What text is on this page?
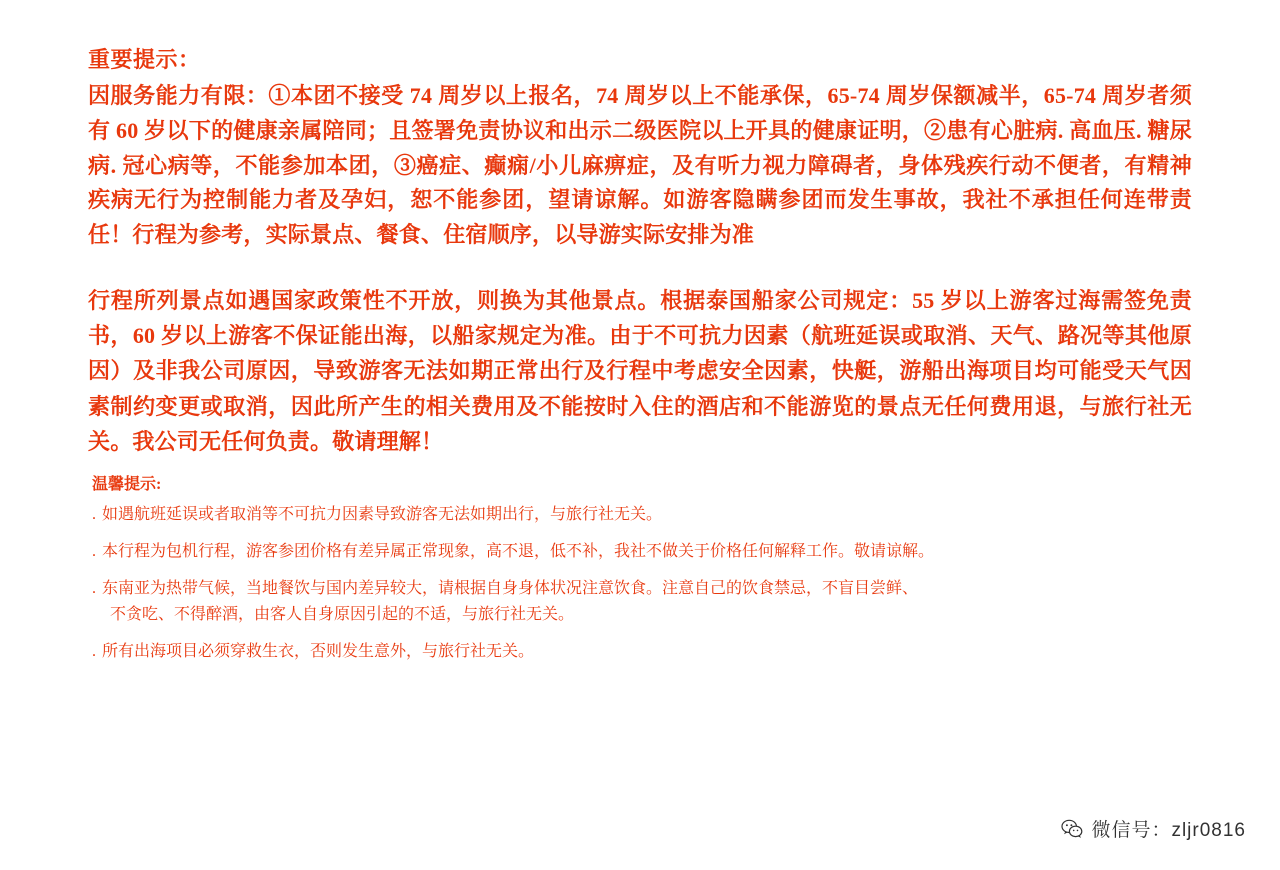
重要提示：

因服务能力有限：①本团不接受 74 周岁以上报名，74 周岁以上不能承保，65-74 周岁保额减半，65-74 周岁者须有 60 岁以下的健康亲属陪同；且签署免责协议和出示二级医院以上开具的健康证明，②患有心脏病. 高血压. 糖尿病. 冠心病等，不能参加本团，③癌症、癫痫/小儿麻痹症，及有听力视力障碍者，身体残疾行动不便者，有精神疾病无行为控制能力者及孕妇，恕不能参团，望请谅解。如游客隐瞒参团而发生事故，我社不承担任何连带责任！行程为参考，实际景点、餐食、住宿顺序，以导游实际安排为准

行程所列景点如遇国家政策性不开放，则换为其他景点。根据泰国船家公司规定：55 岁以上游客过海需签免责书，60 岁以上游客不保证能出海，以船家规定为准。由于不可抗力因素（航班延误或取消、天气、路况等其他原因）及非我公司原因，导致游客无法如期正常出行及行程中考虑安全因素，快艇，游船出海项目均可能受天气因素制约变更或取消，因此所产生的相关费用及不能按时入住的酒店和不能游览的景点无任何费用退，与旅行社无关。我公司无任何负责。敬请理解！

温馨提示:
. 如遇航班延误或者取消等不可抗力因素导致游客无法如期出行，与旅行社无关。
. 本行程为包机行程，游客参团价格有差异属正常现象，高不退，低不补，我社不做关于价格任何解释工作。敬请谅解。
. 东南亚为热带气候，当地餐饮与国内差异较大，请根据自身身体状况注意饮食。注意自己的饮食禁忌，不盲目尝鲜、
不贪吃、不得醉酒，由客人自身原因引起的不适，与旅行社无关。
. 所有出海项目必须穿救生衣，否则发生意外，与旅行社无关。
微信号：zljr0816
